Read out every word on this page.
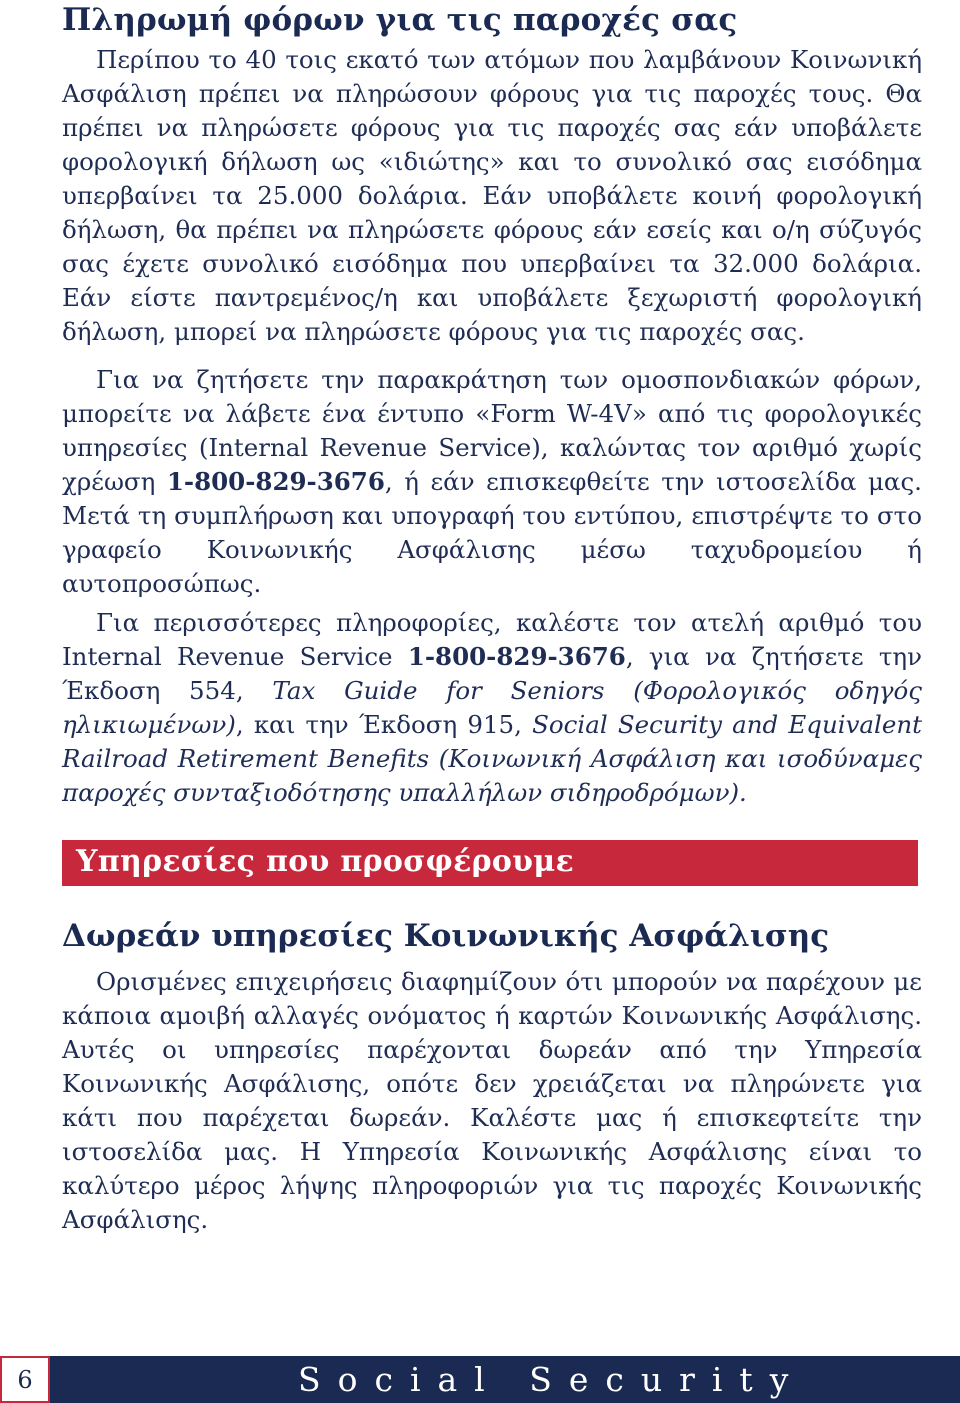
Πληρωμή φόρων για τις παροχές σας

Περίπου το 40 τοις εκατό των ατόμων που λαμβάνουν Κοινωνική Ασφάλιση πρέπει να πληρώσουν φόρους για τις παροχές τους. Θα πρέπει να πληρώσετε φόρους για τις παροχές σας εάν υποβάλετε φορολογική δήλωση ως «ιδιώτης» και το συνολικό σας εισόδημα υπερβαίνει τα 25.000 δολάρια. Εάν υποβάλετε κοινή φορολογική δήλωση, θα πρέπει να πληρώσετε φόρους εάν εσείς και ο/η σύζυγός σας έχετε συνολικό εισόδημα που υπερβαίνει τα 32.000 δολάρια. Εάν είστε παντρεμένος/η και υποβάλετε ξεχωριστή φορολογική δήλωση, μπορεί να πληρώσετε φόρους για τις παροχές σας.

Για να ζητήσετε την παρακράτηση των ομοσπονδιακών φόρων, μπορείτε να λάβετε ένα έντυπο «Form W-4V» από τις φορολογικές υπηρεσίες (Internal Revenue Service), καλώντας τον αριθμό χωρίς χρέωση 1-800-829-3676, ή εάν επισκεφθείτε την ιστοσελίδα μας. Μετά τη συμπλήρωση και υπογραφή του εντύπου, επιστρέψτε το στο γραφείο Κοινωνικής Ασφάλισης μέσω ταχυδρομείου ή αυτοπροσώπως.

Για περισσότερες πληροφορίες, καλέστε τον ατελή αριθμό του Internal Revenue Service 1-800-829-3676, για να ζητήσετε την Έκδοση 554, Tax Guide for Seniors (Φορολογικός οδηγός ηλικιωμένων), και την Έκδοση 915, Social Security and Equivalent Railroad Retirement Benefits (Κοινωνική Ασφάλιση και ισοδύναμες παροχές συνταξιοδότησης υπαλλήλων σιδηροδρόμων).

Υπηρεσίες που προσφέρουμε
Δωρεάν υπηρεσίες Κοινωνικής Ασφάλισης

Ορισμένες επιχειρήσεις διαφημίζουν ότι μπορούν να παρέχουν με κάποια αμοιβή αλλαγές ονόματος ή καρτών Κοινωνικής Ασφάλισης. Αυτές οι υπηρεσίες παρέχονται δωρεάν από την Υπηρεσία Κοινωνικής Ασφάλισης, οπότε δεν χρειάζεται να πληρώνετε για κάτι που παρέχεται δωρεάν. Καλέστε μας ή επισκεφτείτε την ιστοσελίδα μας. Η Υπηρεσία Κοινωνικής Ασφάλισης είναι το καλύτερο μέρος λήψης πληροφοριών για τις παροχές Κοινωνικής Ασφάλισης.

6	Social Security
